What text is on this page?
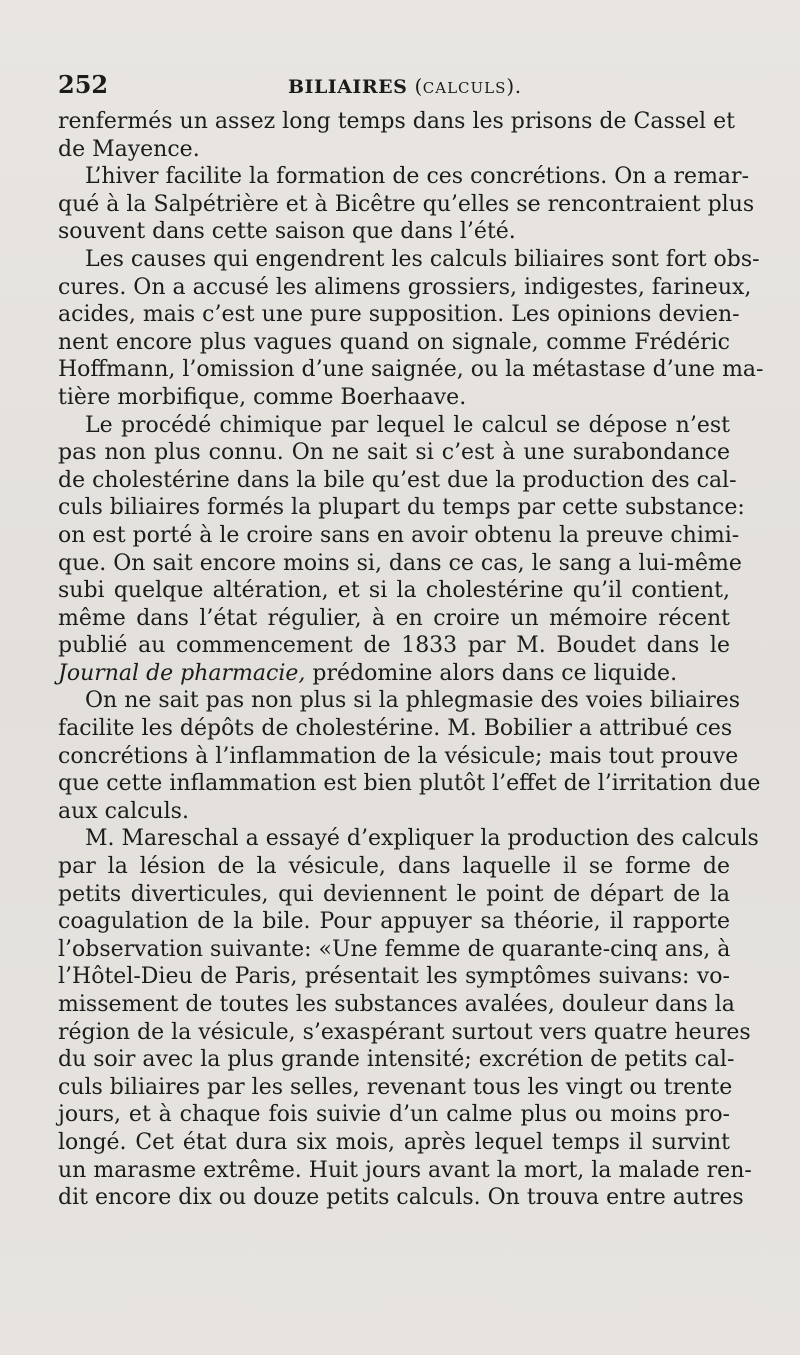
252	BILIAIRES (CALCULS).
renfermés un assez long temps dans les prisons de Cassel et
de Mayence.
L’hiver facilite la formation de ces concrétions. On a remar-
qué à la Salpétrière et à Bicêtre qu’elles se rencontraient plus
souvent dans cette saison que dans l’été.
Les causes qui engendrent les calculs biliaires sont fort obs-
cures. On a accusé les alimens grossiers, indigestes, farineux,
acides, mais c’est une pure supposition. Les opinions devien-
nent encore plus vagues quand on signale, comme Frédéric
Hoffmann, l’omission d’une saignée, ou la métastase d’une ma-
tière morbifique, comme Boerhaave.
Le procédé chimique par lequel le calcul se dépose n’est
pas non plus connu. On ne sait si c’est à une surabondance
de cholestérine dans la bile qu’est due la production des cal-
culs biliaires formés la plupart du temps par cette substance:
on est porté à le croire sans en avoir obtenu la preuve chimi-
que. On sait encore moins si, dans ce cas, le sang a lui-même
subi quelque altération, et si la cholestérine qu’il contient,
même dans l’état régulier, à en croire un mémoire récent
publié au commencement de 1833 par M. Boudet dans le
Journal de pharmacie, prédomine alors dans ce liquide.
On ne sait pas non plus si la phlegmasie des voies biliaires
facilite les dépôts de cholestérine. M. Bobilier a attribué ces
concrétions à l’inflammation de la vésicule; mais tout prouve
que cette inflammation est bien plutôt l’effet de l’irritation due
aux calculs.
M. Mareschal a essayé d’expliquer la production des calculs
par la lésion de la vésicule, dans laquelle il se forme de
petits diverticules, qui deviennent le point de départ de la
coagulation de la bile. Pour appuyer sa théorie, il rapporte
l’observation suivante: «Une femme de quarante-cinq ans, à
l’Hôtel-Dieu de Paris, présentait les symptômes suivans: vo-
missement de toutes les substances avalées, douleur dans la
région de la vésicule, s’exaspérant surtout vers quatre heures
du soir avec la plus grande intensité; excrétion de petits cal-
culs biliaires par les selles, revenant tous les vingt ou trente
jours, et à chaque fois suivie d’un calme plus ou moins pro-
longé. Cet état dura six mois, après lequel temps il survint
un marasme extrême. Huit jours avant la mort, la malade ren-
dit encore dix ou douze petits calculs. On trouva entre autres
